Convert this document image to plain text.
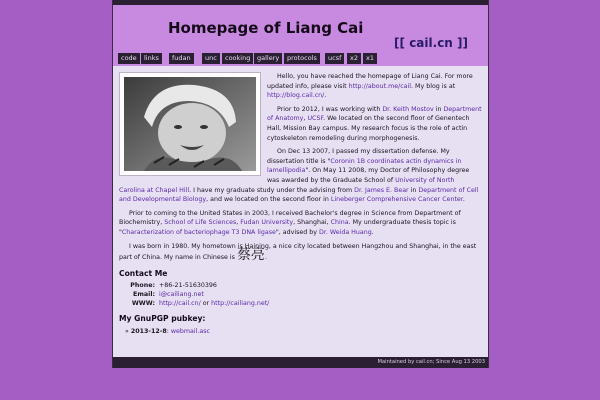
Homepage of Liang Cai
[[ cail.cn ]]
code	links	fudan	unc	cooking	gallery	protocols	ucsf	x2	x1

Hello, you have reached the homepage of Liang Cai. For more updated info, please visit http://about.me/cail. My blog is at http://blog.cail.cn/.

Prior to 2012, I was working with Dr. Keith Mostov in Department of Anatomy, UCSF. We located on the second floor of Genentech Hall, Mission Bay campus. My research focus is the role of actin cytoskeleton remodeling during morphogenesis.

On Dec 13 2007, I passed my dissertation defense. My dissertation title is "Coronin 1B coordinates actin dynamics in lamellipodia". On May 11 2008, my Doctor of Philosophy degree was awarded by the Graduate School of University of North Carolina at Chapel Hill. I have my graduate study under the advising from Dr. James E. Bear in Department of Cell and Developmental Biology, and we located on the second floor in Lineberger Comprehensive Cancer Center.

Prior to coming to the United States in 2003, I received Bachelor's degree in Science from Department of Biochemistry, School of Life Sciences, Fudan University, Shanghai, China. My undergraduate thesis topic is "Characterization of bacteriophage T3 DNA ligase", advised by Dr. Weida Huang.

I was born in 1980. My hometown is Haining, a nice city located between Hangzhou and Shanghai, in the east part of China. My name in Chinese is 蔡亮.

Contact Me
Phone:	+86-21-51630396
Email:	i@cailiang.net
WWW:	http://cail.cn/ or http://cailiang.net/
My GnuPGP pubkey:
» 2013-12-8: webmail.asc
Maintained by cail.cn; Since Aug 13 2003
